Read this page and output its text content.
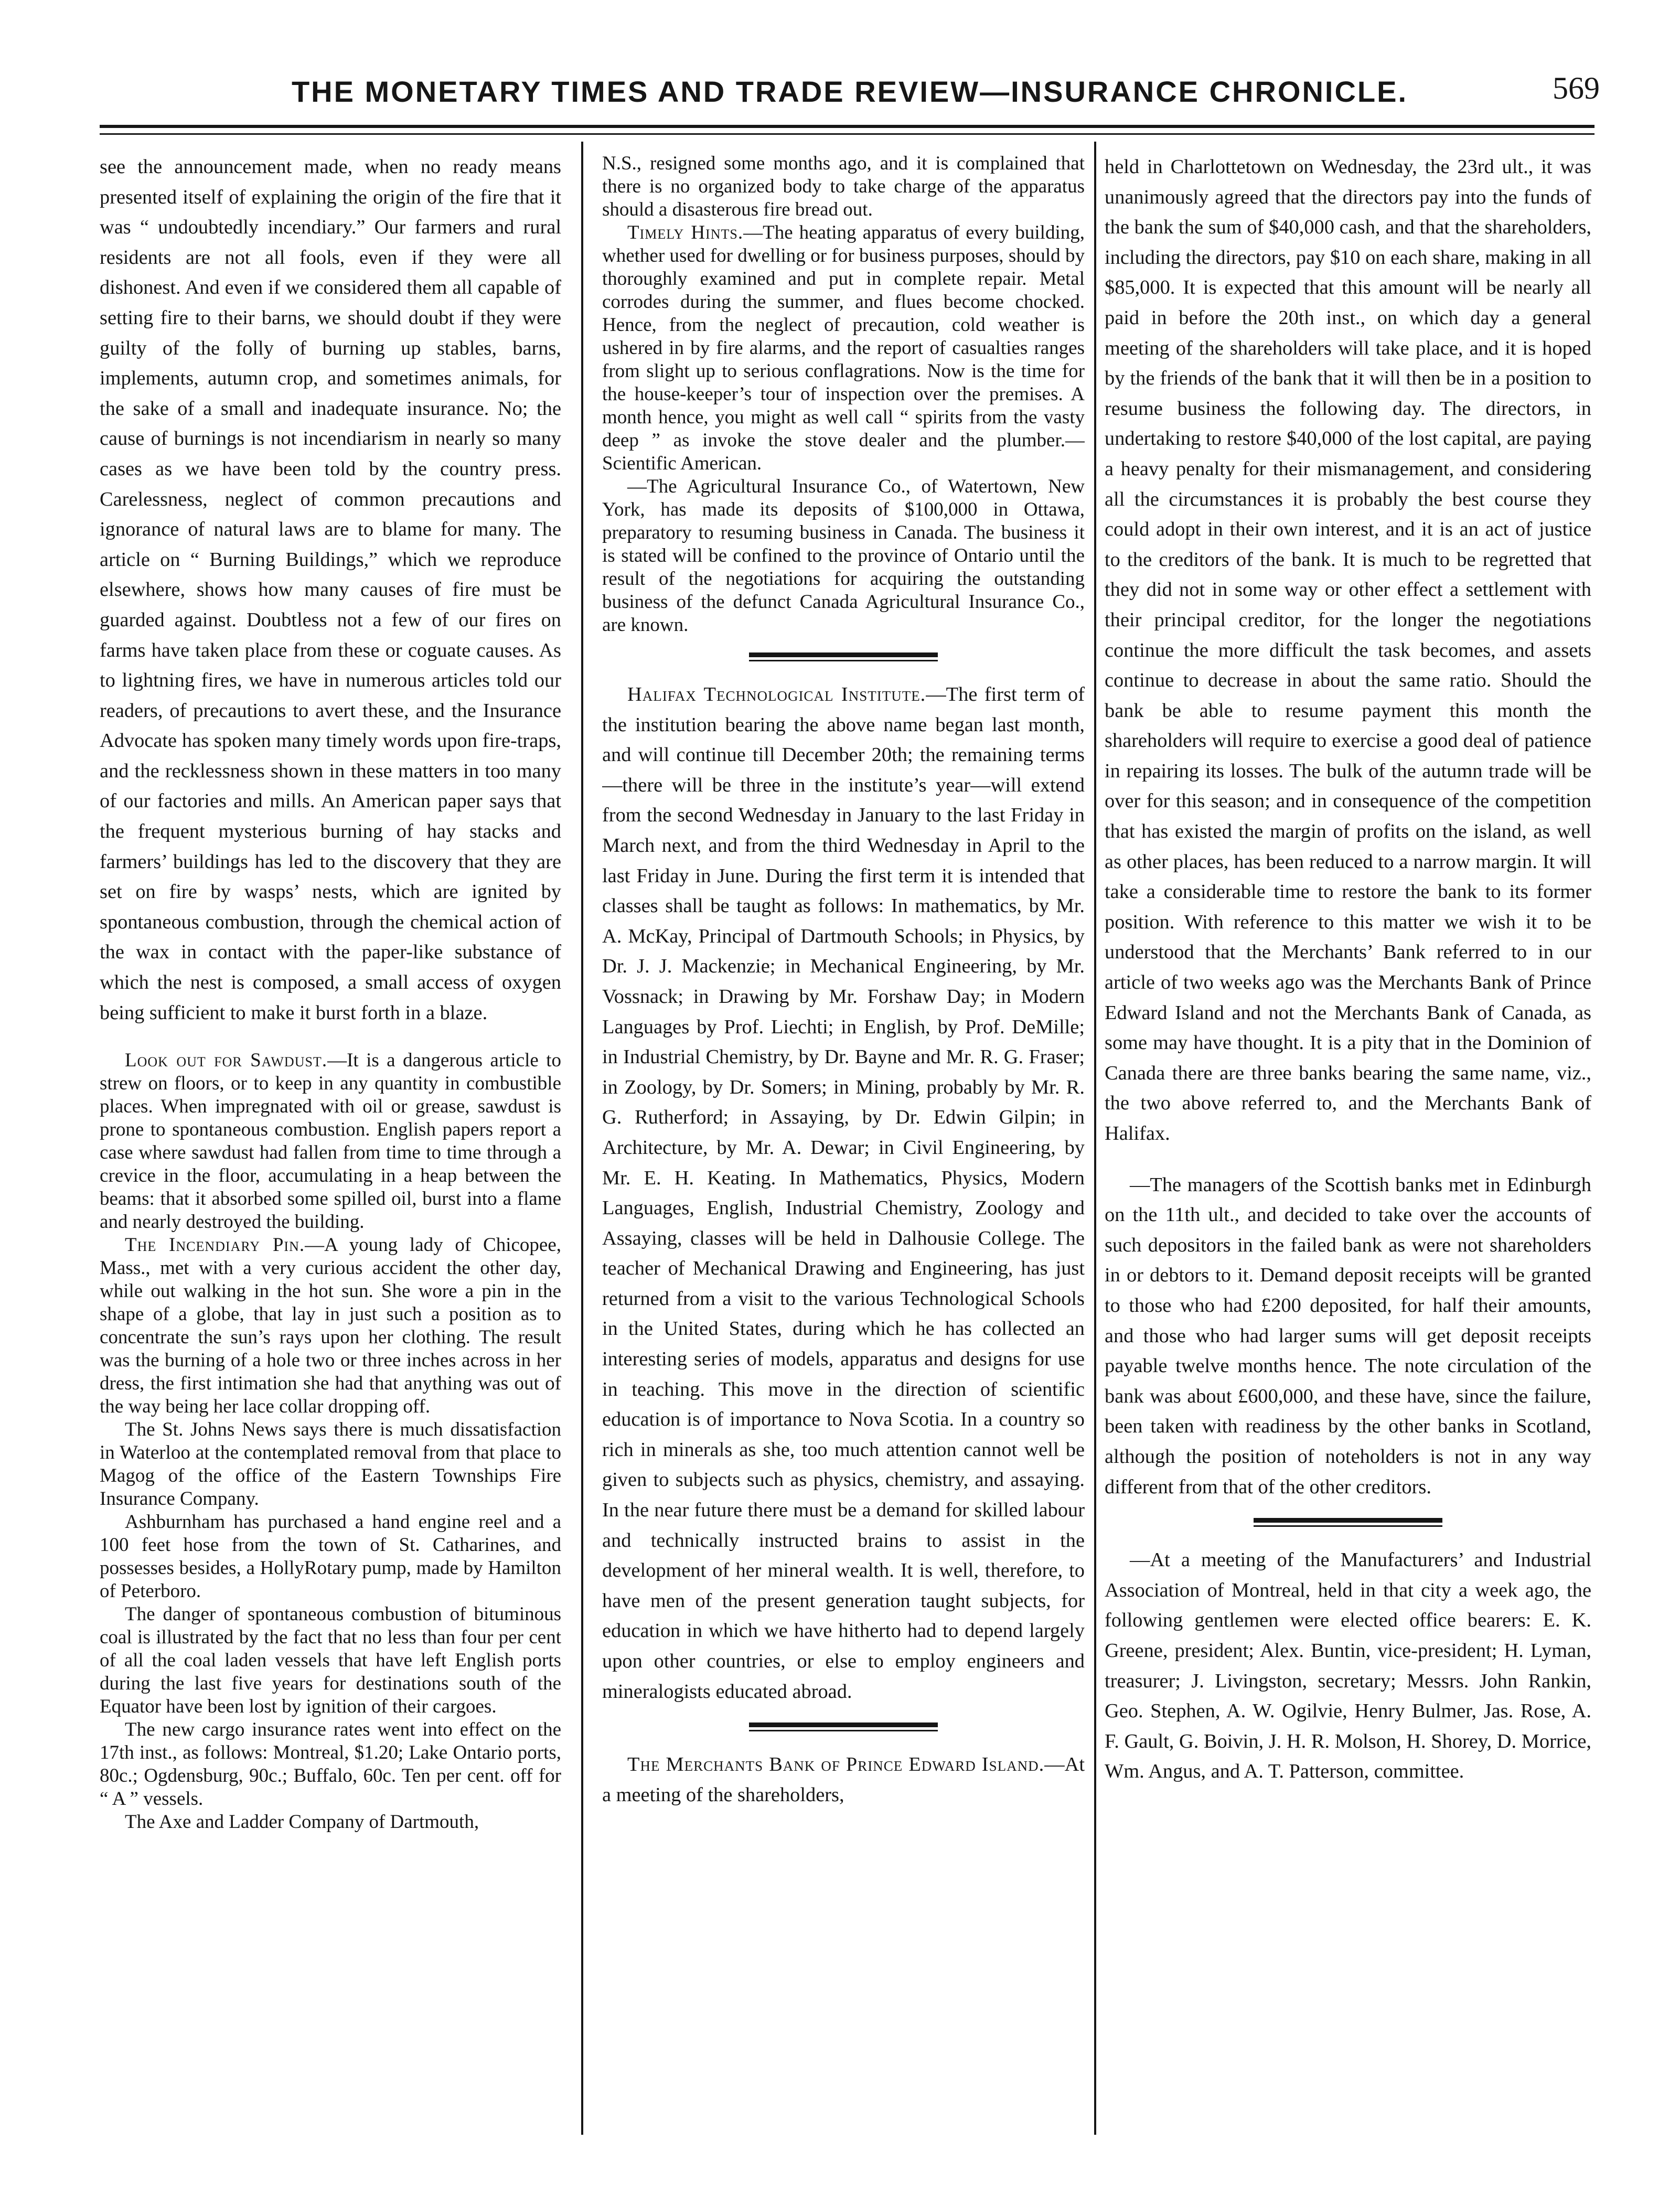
THE MONETARY TIMES AND TRADE REVIEW—INSURANCE CHRONICLE.	569

see the announcement made, when no ready means presented itself of explaining the origin of the fire that it was “ undoubtedly incendiary.” Our farmers and rural residents are not all fools, even if they were all dishonest. And even if we considered them all capable of setting fire to their barns, we should doubt if they were guilty of the folly of burning up stables, barns, implements, autumn crop, and sometimes animals, for the sake of a small and inadequate insurance. No; the cause of burnings is not incendiarism in nearly so many cases as we have been told by the country press. Carelessness, neglect of common precautions and ignorance of natural laws are to blame for many. The article on “ Burning Buildings,” which we reproduce elsewhere, shows how many causes of fire must be guarded against. Doubtless not a few of our fires on farms have taken place from these or coguate causes. As to lightning fires, we have in numerous articles told our readers, of precautions to avert these, and the Insurance Advocate has spoken many timely words upon fire-traps, and the recklessness shown in these matters in too many of our factories and mills. An American paper says that the frequent mysterious burning of hay stacks and farmers’ buildings has led to the discovery that they are set on fire by wasps’ nests, which are ignited by spontaneous combustion, through the chemical action of the wax in contact with the paper-like substance of which the nest is composed, a small access of oxygen being sufficient to make it burst forth in a blaze.

Look out for Sawdust.—It is a dangerous article to strew on floors, or to keep in any quantity in combustible places. When impregnated with oil or grease, sawdust is prone to spontaneous combustion. English papers report a case where sawdust had fallen from time to time through a crevice in the floor, accumulating in a heap between the beams: that it absorbed some spilled oil, burst into a flame and nearly destroyed the building.

The Incendiary Pin.—A young lady of Chicopee, Mass., met with a very curious accident the other day, while out walking in the hot sun. She wore a pin in the shape of a globe, that lay in just such a position as to concentrate the sun’s rays upon her clothing. The result was the burning of a hole two or three inches across in her dress, the first intimation she had that anything was out of the way being her lace collar dropping off.

The St. Johns News says there is much dissatisfaction in Waterloo at the contemplated removal from that place to Magog of the office of the Eastern Townships Fire Insurance Company.

Ashburnham has purchased a hand engine reel and a 100 feet hose from the town of St. Catharines, and possesses besides, a HollyRotary pump, made by Hamilton of Peterboro.

The danger of spontaneous combustion of bituminous coal is illustrated by the fact that no less than four per cent of all the coal laden vessels that have left English ports during the last five years for destinations south of the Equator have been lost by ignition of their cargoes.

The new cargo insurance rates went into effect on the 17th inst., as follows: Montreal, $1.20; Lake Ontario ports, 80c.; Ogdensburg, 90c.; Buffalo, 60c. Ten per cent. off for “ A ” vessels.

The Axe and Ladder Company of Dartmouth,

N.S., resigned some months ago, and it is complained that there is no organized body to take charge of the apparatus should a disasterous fire bread out.

Timely Hints.—The heating apparatus of every building, whether used for dwelling or for business purposes, should by thoroughly examined and put in complete repair. Metal corrodes during the summer, and flues become chocked. Hence, from the neglect of precaution, cold weather is ushered in by fire alarms, and the report of casualties ranges from slight up to serious conflagrations. Now is the time for the house-keeper’s tour of inspection over the premises. A month hence, you might as well call “ spirits from the vasty deep ” as invoke the stove dealer and the plumber.—Scientific American.

—The Agricultural Insurance Co., of Watertown, New York, has made its deposits of $100,000 in Ottawa, preparatory to resuming business in Canada. The business it is stated will be confined to the province of Ontario until the result of the negotiations for acquiring the outstanding business of the defunct Canada Agricultural Insurance Co., are known.

Halifax Technological Institute.—The first term of the institution bearing the above name began last month, and will continue till December 20th; the remaining terms—there will be three in the institute’s year—will extend from the second Wednesday in January to the last Friday in March next, and from the third Wednesday in April to the last Friday in June. During the first term it is intended that classes shall be taught as follows: In mathematics, by Mr. A. McKay, Principal of Dartmouth Schools; in Physics, by Dr. J. J. Mackenzie; in Mechanical Engineering, by Mr. Vossnack; in Drawing by Mr. Forshaw Day; in Modern Languages by Prof. Liechti; in English, by Prof. DeMille; in Industrial Chemistry, by Dr. Bayne and Mr. R. G. Fraser; in Zoology, by Dr. Somers; in Mining, probably by Mr. R. G. Rutherford; in Assaying, by Dr. Edwin Gilpin; in Architecture, by Mr. A. Dewar; in Civil Engineering, by Mr. E. H. Keating. In Mathematics, Physics, Modern Languages, English, Industrial Chemistry, Zoology and Assaying, classes will be held in Dalhousie College. The teacher of Mechanical Drawing and Engineering, has just returned from a visit to the various Technological Schools in the United States, during which he has collected an interesting series of models, apparatus and designs for use in teaching. This move in the direction of scientific education is of importance to Nova Scotia. In a country so rich in minerals as she, too much attention cannot well be given to subjects such as physics, chemistry, and assaying. In the near future there must be a demand for skilled labour and technically instructed brains to assist in the development of her mineral wealth. It is well, therefore, to have men of the present generation taught subjects, for education in which we have hitherto had to depend largely upon other countries, or else to employ engineers and mineralogists educated abroad.

The Merchants Bank of Prince Edward Island.—At a meeting of the shareholders,

held in Charlottetown on Wednesday, the 23rd ult., it was unanimously agreed that the directors pay into the funds of the bank the sum of $40,000 cash, and that the shareholders, including the directors, pay $10 on each share, making in all $85,000. It is expected that this amount will be nearly all paid in before the 20th inst., on which day a general meeting of the shareholders will take place, and it is hoped by the friends of the bank that it will then be in a position to resume business the following day. The directors, in undertaking to restore $40,000 of the lost capital, are paying a heavy penalty for their mismanagement, and considering all the circumstances it is probably the best course they could adopt in their own interest, and it is an act of justice to the creditors of the bank. It is much to be regretted that they did not in some way or other effect a settlement with their principal creditor, for the longer the negotiations continue the more difficult the task becomes, and assets continue to decrease in about the same ratio. Should the bank be able to resume payment this month the shareholders will require to exercise a good deal of patience in repairing its losses. The bulk of the autumn trade will be over for this season; and in consequence of the competition that has existed the margin of profits on the island, as well as other places, has been reduced to a narrow margin. It will take a considerable time to restore the bank to its former position. With reference to this matter we wish it to be understood that the Merchants’ Bank referred to in our article of two weeks ago was the Merchants Bank of Prince Edward Island and not the Merchants Bank of Canada, as some may have thought. It is a pity that in the Dominion of Canada there are three banks bearing the same name, viz., the two above referred to, and the Merchants Bank of Halifax.

—The managers of the Scottish banks met in Edinburgh on the 11th ult., and decided to take over the accounts of such depositors in the failed bank as were not shareholders in or debtors to it. Demand deposit receipts will be granted to those who had £200 deposited, for half their amounts, and those who had larger sums will get deposit receipts payable twelve months hence. The note circulation of the bank was about £600,000, and these have, since the failure, been taken with readiness by the other banks in Scotland, although the position of noteholders is not in any way different from that of the other creditors.

—At a meeting of the Manufacturers’ and Industrial Association of Montreal, held in that city a week ago, the following gentlemen were elected office bearers: E. K. Greene, president; Alex. Buntin, vice-president; H. Lyman, treasurer; J. Livingston, secretary; Messrs. John Rankin, Geo. Stephen, A. W. Ogilvie, Henry Bulmer, Jas. Rose, A. F. Gault, G. Boivin, J. H. R. Molson, H. Shorey, D. Morrice, Wm. Angus, and A. T. Patterson, committee.
